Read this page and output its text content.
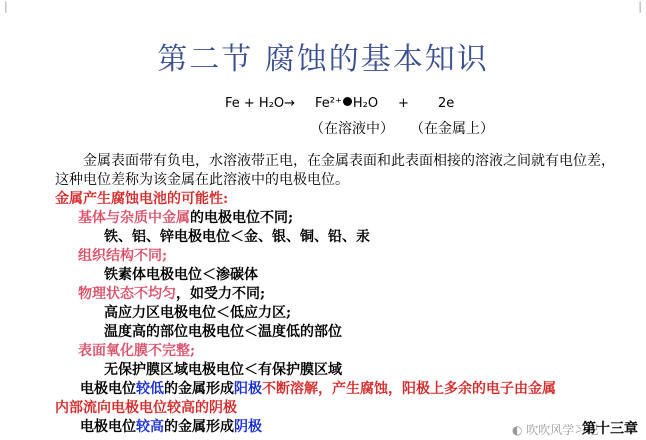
|	|
第二节 腐蚀的基本知识
Fe + H₂O→ Fe²⁺ H₂O + 2e
（在溶液中） （在金属上）
金属表面带有负电，水溶液带正电，在金属表面和此表面相接的溶液之间就有电位差，这种电位差称为该金属在此溶液中的电极电位。
金属产生腐蚀电池的可能性:
基体与杂质中金属的电极电位不同;
铁、铝、锌电极电位＜金、银、铜、铅、汞
组织结构不同;
铁素体电极电位＜渗碳体
物理状态不均匀，如受力不同;
高应力区电极电位＜低应力区;
温度高的部位电极电位＜温度低的部位
表面氧化膜不完整;
无保护膜区域电极电位＜有保护膜区域
电极电位较低的金属形成阳极不断溶解，产生腐蚀，阳极上多余的电子由金属
内部流向电极电位较高的阴极
电极电位较高的金属形成阴极	◐ 吹吹风学习吧
第十三章
